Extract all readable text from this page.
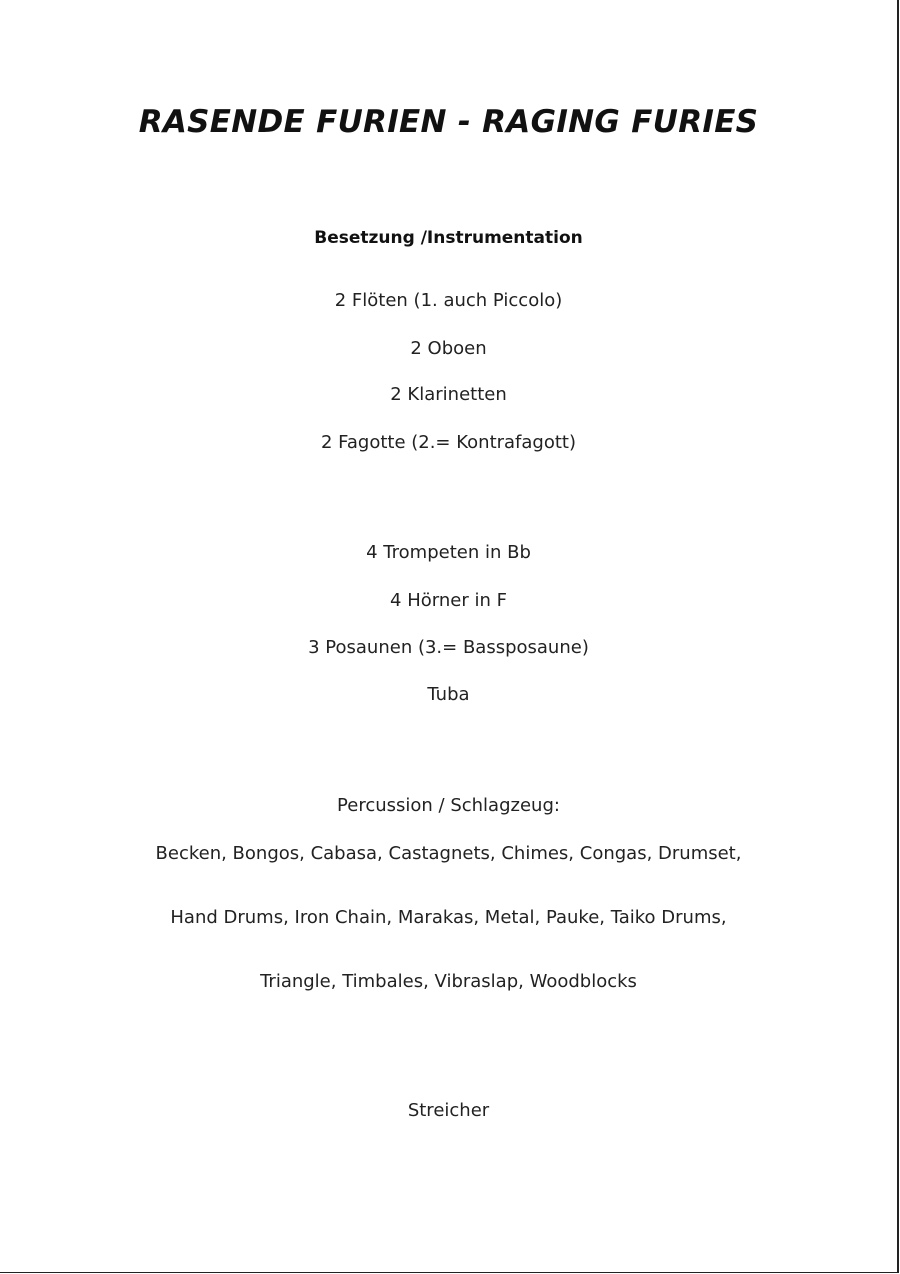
RASENDE FURIEN - RAGING FURIES
Besetzung /Instrumentation
2 Flöten (1. auch Piccolo)
2 Oboen
2 Klarinetten
2 Fagotte (2.= Kontrafagott)
4 Trompeten in Bb
4 Hörner in F
3 Posaunen (3.= Bassposaune)
Tuba
Percussion / Schlagzeug:
Becken, Bongos, Cabasa, Castagnets, Chimes, Congas, Drumset,
Hand Drums, Iron Chain, Marakas, Metal, Pauke, Taiko Drums,
Triangle, Timbales, Vibraslap, Woodblocks
Streicher
